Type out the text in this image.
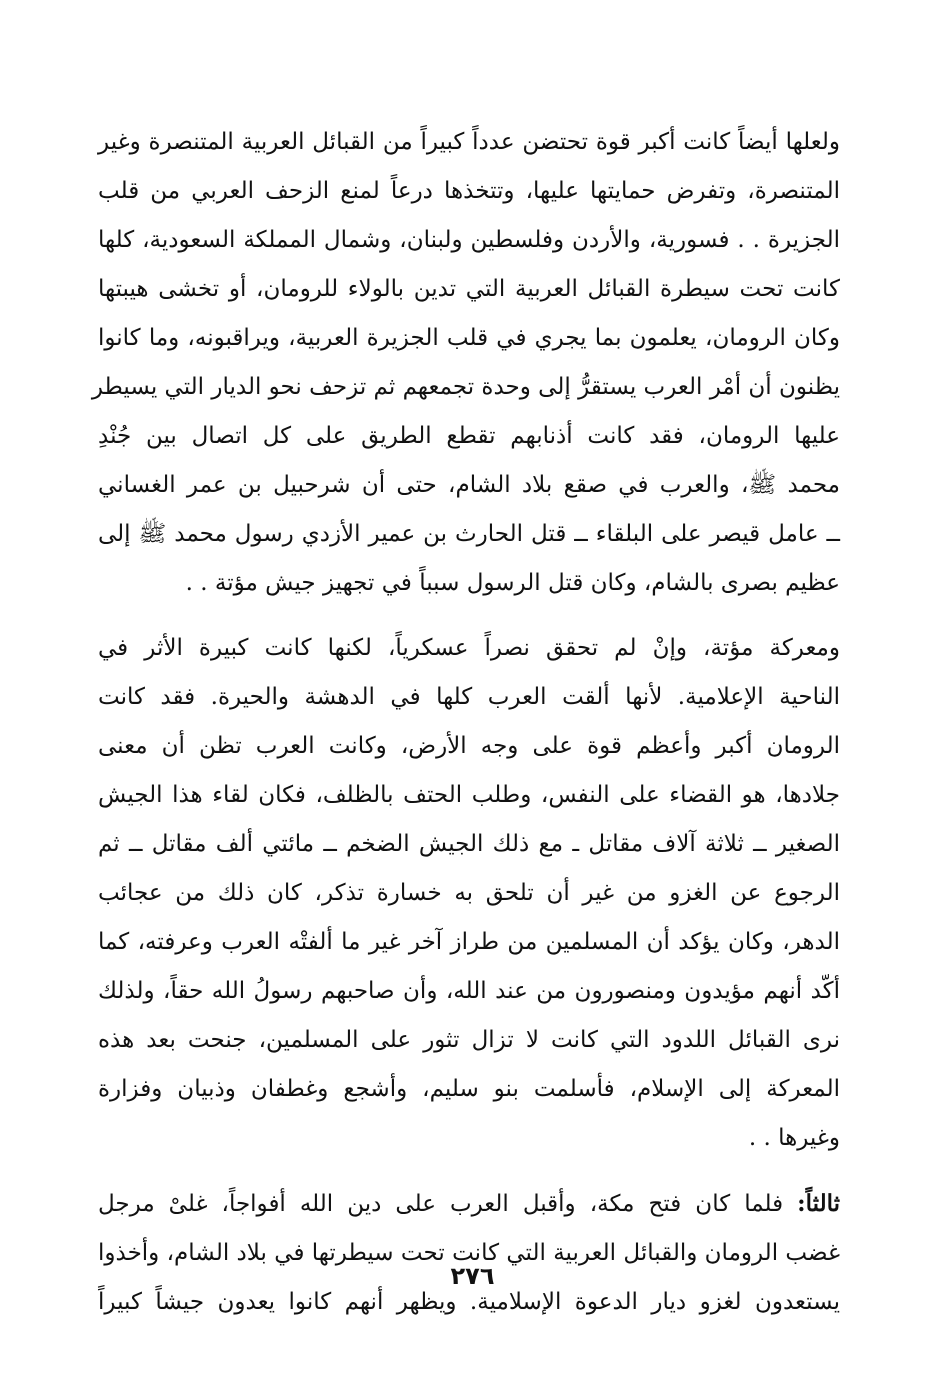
ولعلها أيضاً كانت أكبر قوة تحتضن عدداً كبيراً من القبائل العربية المتنصرة وغير
المتنصرة، وتفرض حمايتها عليها، وتتخذها درعاً لمنع الزحف العربي من قلب
الجزيرة . . فسورية، والأردن وفلسطين ولبنان، وشمال المملكة السعودية، كلها
كانت تحت سيطرة القبائل العربية التي تدين بالولاء للرومان، أو تخشى هيبتها
وكان الرومان، يعلمون بما يجري في قلب الجزيرة العربية، ويراقبونه، وما كانوا
يظنون أن أمْر العرب يستقرُّ إلى وحدة تجمعهم ثم تزحف نحو الديار التي يسيطر
عليها الرومان، فقد كانت أذنابهم تقطع الطريق على كل اتصال بين جُنْدِ
محمد ﷺ، والعرب في صقع بلاد الشام، حتى أن شرحبيل بن عمر الغساني
ــ عامل قيصر على البلقاء ــ قتل الحارث بن عمير الأزدي رسول محمد ﷺ إلى
عظيم بصرى بالشام، وكان قتل الرسول سبباً في تجهيز جيش مؤتة . .

ومعركة مؤتة، وإنْ لم تحقق نصراً عسكرياً، لكنها كانت كبيرة الأثر في
الناحية الإعلامية. لأنها ألقت العرب كلها في الدهشة والحيرة. فقد كانت
الرومان أكبر وأعظم قوة على وجه الأرض، وكانت العرب تظن أن معنى
جلادها، هو القضاء على النفس، وطلب الحتف بالظلف، فكان لقاء هذا الجيش
الصغير ــ ثلاثة آلاف مقاتل ـ مع ذلك الجيش الضخم ــ مائتي ألف مقاتل ــ ثم
الرجوع عن الغزو من غير أن تلحق به خسارة تذكر، كان ذلك من عجائب
الدهر، وكان يؤكد أن المسلمين من طراز آخر غير ما ألفتْه العرب وعرفته، كما
أكّد أنهم مؤيدون ومنصورون من عند الله، وأن صاحبهم رسولُ الله حقاً، ولذلك
نرى القبائل اللدود التي كانت لا تزال تثور على المسلمين، جنحت بعد هذه
المعركة إلى الإسلام، فأسلمت بنو سليم، وأشجع وغطفان وذبيان وفزارة
وغيرها . .

ثالثاً: فلما كان فتح مكة، وأقبل العرب على دين الله أفواجاً، غلىْ مرجل
غضب الرومان والقبائل العربية التي كانت تحت سيطرتها في بلاد الشام، وأخذوا
يستعدون لغزو ديار الدعوة الإسلامية. ويظهر أنهم كانوا يعدون جيشاً كبيراً

٢٧٦
